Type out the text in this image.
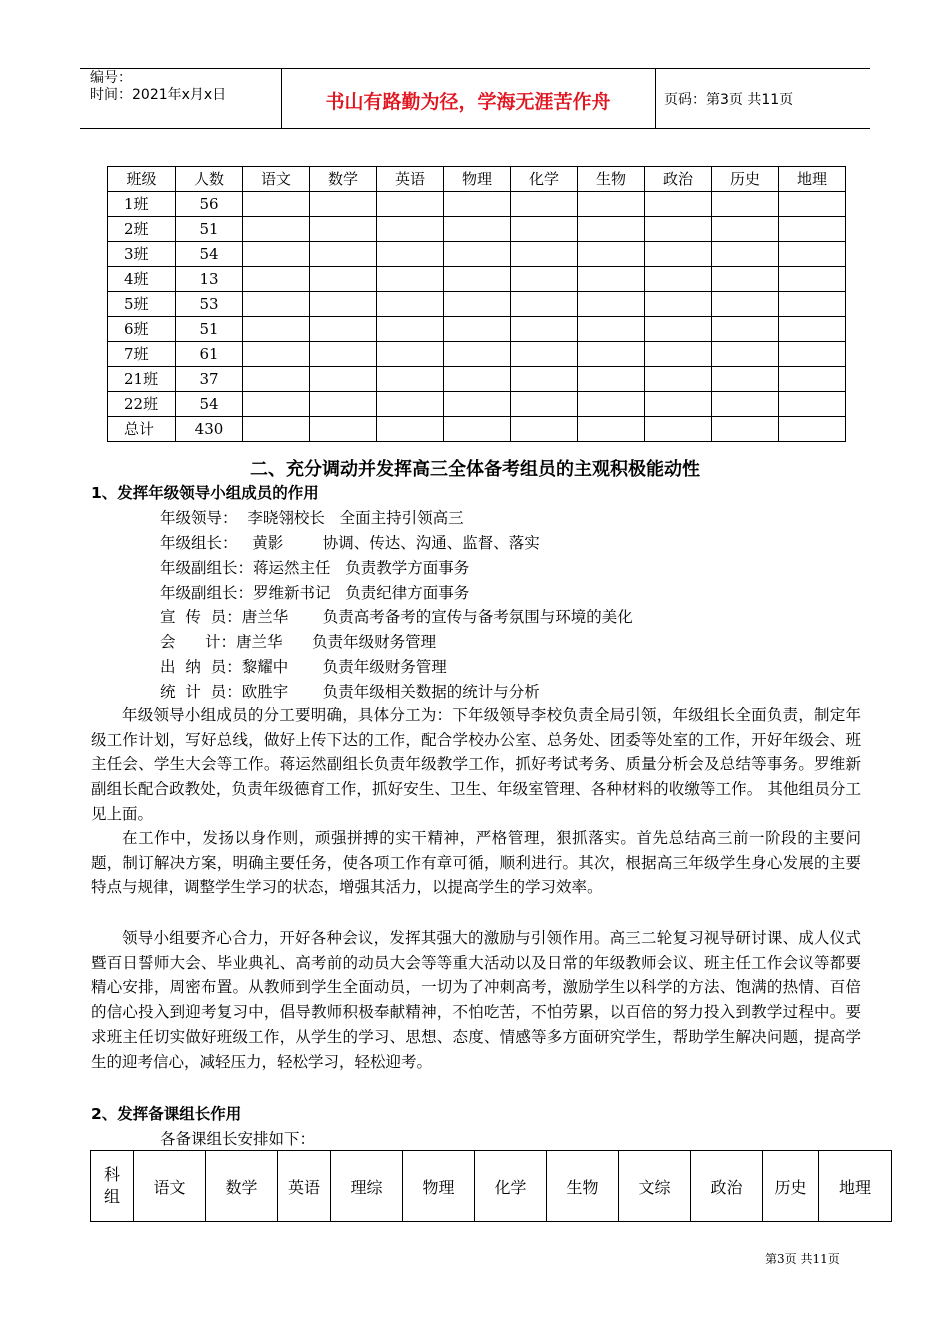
编号：
时间：2021年x月x日	书山有路勤为径，学海无涯苦作舟	页码：第3页 共11页
班级	人数	语文	数学	英语	物理	化学	生物	政治	历史	地理
1班	56									
2班	51									
3班	54									
4班	13									
5班	53									
6班	51									
7班	61									
21班	37									
22班	54									
总计	430									
二、充分调动并发挥高三全体备考组员的主观积极能动性
1、发挥年级领导小组成员的作用
年级领导：  李晓翎校长   全面主持引领高三
年级组长：   黄影        协调、传达、沟通、监督、落实
年级副组长：蒋运然主任   负责教学方面事务
年级副组长：罗维新书记   负责纪律方面事务
宣  传  员：唐兰华       负责高考备考的宣传与备考氛围与环境的美化
会      计：唐兰华      负责年级财务管理
出  纳  员：黎耀中       负责年级财务管理
统  计  员：欧胜宇       负责年级相关数据的统计与分析
年级领导小组成员的分工要明确，具体分工为：下年级领导李校负责全局引领，年级组长全面负责，制定年级工作计划，写好总线，做好上传下达的工作，配合学校办公室、总务处、团委等处室的工作，开好年级会、班主任会、学生大会等工作。蒋运然副组长负责年级教学工作，抓好考试考务、质量分析会及总结等事务。罗维新副组长配合政教处，负责年级德育工作，抓好安生、卫生、年级室管理、各种材料的收缴等工作。 其他组员分工见上面。
在工作中，发扬以身作则，顽强拼搏的实干精神，严格管理，狠抓落实。首先总结高三前一阶段的主要问题，制订解决方案，明确主要任务，使各项工作有章可循，顺利进行。其次，根据高三年级学生身心发展的主要特点与规律，调整学生学习的状态，增强其活力，以提高学生的学习效率。
领导小组要齐心合力，开好各种会议，发挥其强大的激励与引领作用。高三二轮复习视导研讨课、成人仪式暨百日誓师大会、毕业典礼、高考前的动员大会等等重大活动以及日常的年级教师会议、班主任工作会议等都要精心安排，周密布置。从教师到学生全面动员，一切为了冲刺高考，激励学生以科学的方法、饱满的热情、百倍的信心投入到迎考复习中，倡导教师积极奉献精神，不怕吃苦，不怕劳累，以百倍的努力投入到教学过程中。要求班主任切实做好班级工作，从学生的学习、思想、态度、情感等多方面研究学生，帮助学生解决问题，提高学生的迎考信心，减轻压力，轻松学习，轻松迎考。
2、发挥备课组长作用
各备课组长安排如下：
科组	语文	数学	英语	理综	物理	化学	生物	文综	政治	历史	地理
第3页 共11页
